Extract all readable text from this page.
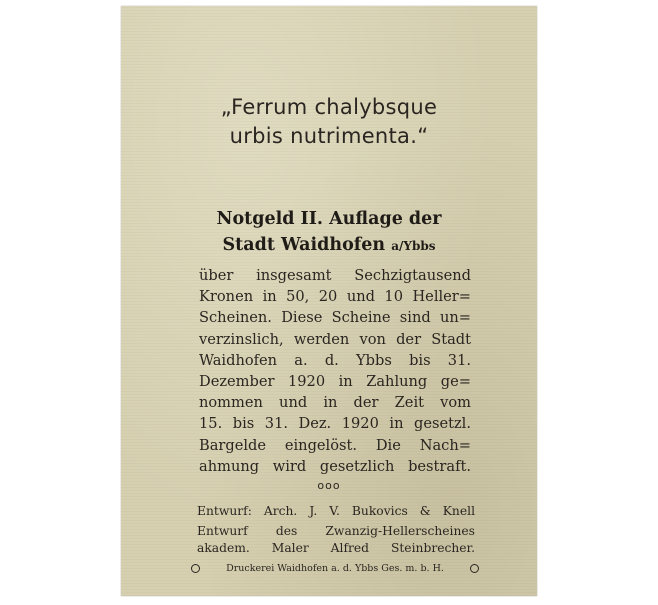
„Ferrum chalybsque
urbis nutrimenta.“
Notgeld II. Auflage der
Stadt Waidhofen a/Ybbs
über insgesamt Sechzigtausend
Kronen in 50, 20 und 10 Heller=
Scheinen. Diese Scheine sind un=
verzinslich, werden von der Stadt
Waidhofen a. d. Ybbs bis 31.
Dezember 1920 in Zahlung ge=
nommen und in der Zeit vom
15. bis 31. Dez. 1920 in gesetzl.
Bargelde eingelöst. Die Nach=
ahmung wird gesetzlich bestraft.
ooo
Entwurf: Arch. J. V. Bukovics & Knell
Entwurf des Zwanzig-Hellerscheines
akadem. Maler Alfred Steinbrecher.
Druckerei Waidhofen a. d. Ybbs Ges. m. b. H.
